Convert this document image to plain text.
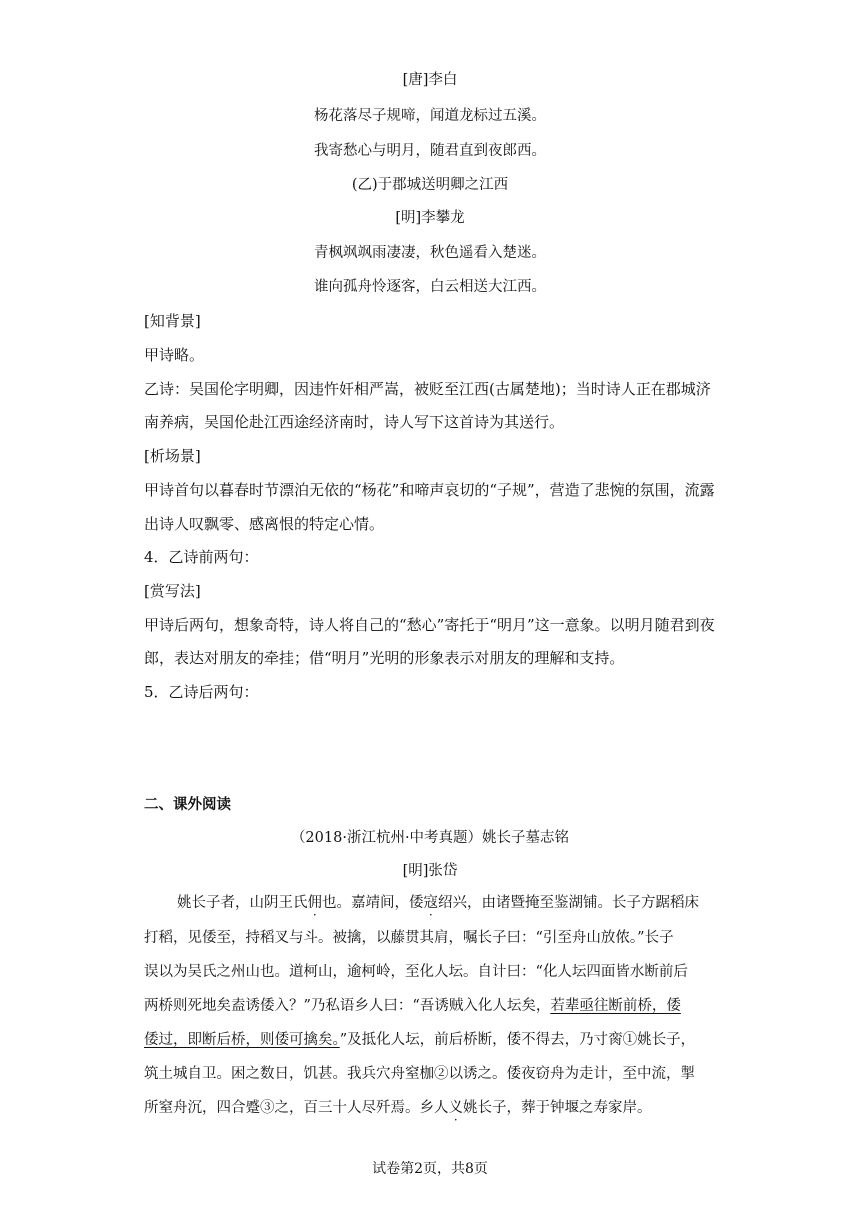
[唐]李白
杨花落尽子规啼，闻道龙标过五溪。
我寄愁心与明月，随君直到夜郎西。
(乙)于郡城送明卿之江西
[明]李攀龙
青枫飒飒雨凄凄，秋色遥看入楚迷。
谁向孤舟怜逐客，白云相送大江西。
[知背景]
甲诗略。
乙诗：吴国伦字明卿，因违忤奸相严嵩，被贬至江西(古属楚地)；当时诗人正在郡城济
南养病，吴国伦赴江西途经济南时，诗人写下这首诗为其送行。
[析场景]
甲诗首句以暮春时节漂泊无依的“杨花”和啼声哀切的“子规”，营造了悲惋的氛围，流露
出诗人叹飘零、感离恨的特定心情。
4．乙诗前两句：
[赏写法]
甲诗后两句，想象奇特，诗人将自己的“愁心”寄托于“明月”这一意象。以明月随君到夜
郎，表达对朋友的牵挂；借“明月”光明的形象表示对朋友的理解和支持。
5．乙诗后两句：
二、课外阅读
（2018·浙江杭州·中考真题）姚长子墓志铭
[明]张岱
姚长子者，山阴王氏佣也。嘉靖间，倭寇绍兴，由诸暨掩至鉴湖铺。长子方踞稻床
打稻，见倭至，持稻叉与斗。被擒，以藤贯其肩，嘱长子曰：“引至舟山放侬。”长子
误以为吴氏之州山也。道柯山，逾柯岭，至化人坛。自计曰：“化人坛四面皆水断前后
两桥则死地矣盍诱倭入？”乃私语乡人曰：“吾诱贼入化人坛矣，若辈亟往断前桥，倭
倭过，即断后桥，则倭可擒矣。”及抵化人坛，前后桥断，倭不得去，乃寸脔①姚长子，
筑土城自卫。困之数日，饥甚。我兵穴舟窒枷②以诱之。倭夜窃舟为走计，至中流，掣
所窒舟沉，四合蹙③之，百三十人尽歼焉。乡人义姚长子，葬于钟堰之寿家岸。
试卷第2页，共8页
